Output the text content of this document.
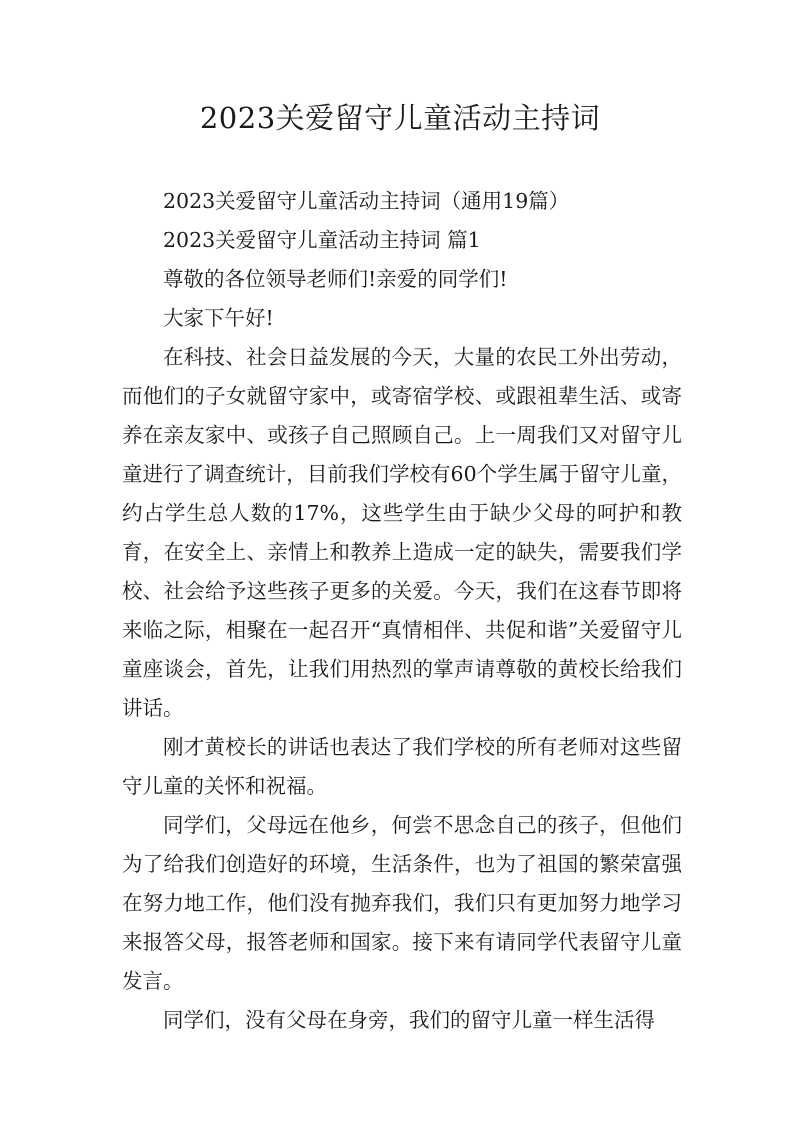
2023关爱留守儿童活动主持词

2023关爱留守儿童活动主持词（通用19篇）

2023关爱留守儿童活动主持词 篇1

尊敬的各位领导老师们!亲爱的同学们!

大家下午好!

在科技、社会日益发展的今天，大量的农民工外出劳动，而他们的子女就留守家中，或寄宿学校、或跟祖辈生活、或寄养在亲友家中、或孩子自己照顾自己。上一周我们又对留守儿童进行了调查统计，目前我们学校有60个学生属于留守儿童，约占学生总人数的17%，这些学生由于缺少父母的呵护和教育，在安全上、亲情上和教养上造成一定的缺失，需要我们学校、社会给予这些孩子更多的关爱。今天，我们在这春节即将来临之际，相聚在一起召开“真情相伴、共促和谐”关爱留守儿童座谈会，首先，让我们用热烈的掌声请尊敬的黄校长给我们讲话。

刚才黄校长的讲话也表达了我们学校的所有老师对这些留守儿童的关怀和祝福。

同学们，父母远在他乡，何尝不思念自己的孩子，但他们为了给我们创造好的环境，生活条件，也为了祖国的繁荣富强在努力地工作，他们没有抛弃我们，我们只有更加努力地学习来报答父母，报答老师和国家。接下来有请同学代表留守儿童发言。

同学们，没有父母在身旁，我们的留守儿童一样生活得
